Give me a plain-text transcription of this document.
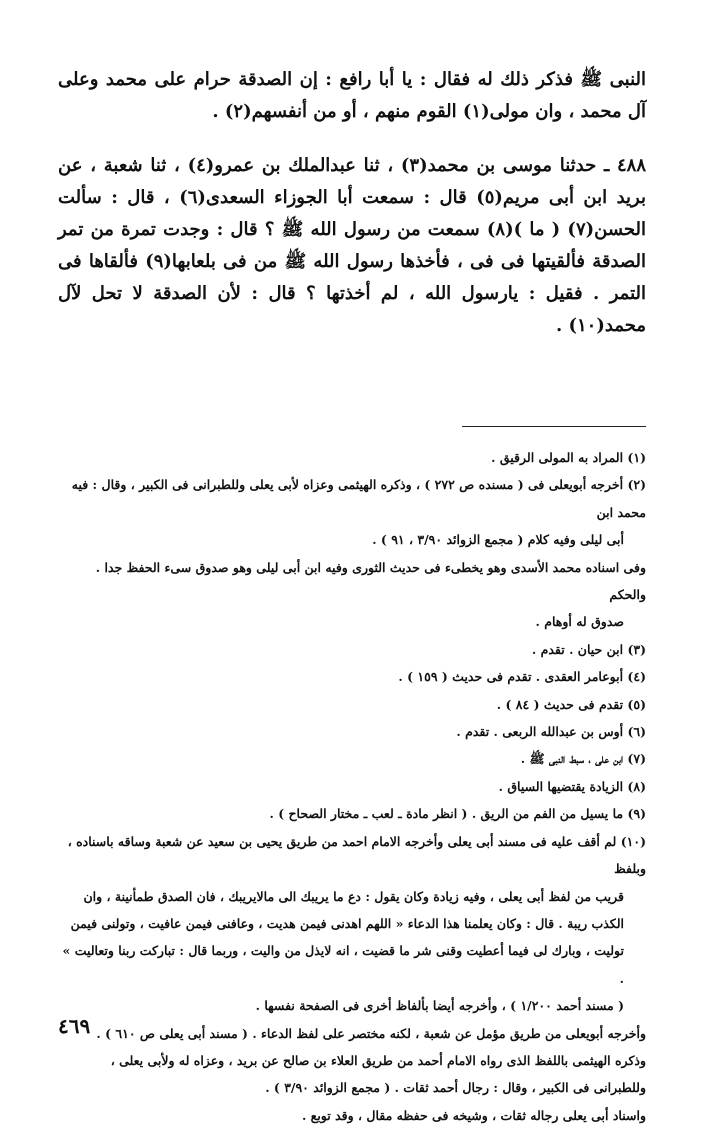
النبى ﷺ فذكر ذلك له فقال : يا أبا رافع : إن الصدقة حرام على محمد وعلى آل محمد ، وان مولى(١) القوم منهم ، أو من أنفسهم(٢) .

٤٨٨ ـ حدثنا موسى بن محمد(٣) ، ثنا عبدالملك بن عمرو(٤) ، ثنا شعبة ، عن بريد ابن أبى مريم(٥) قال : سمعت أبا الجوزاء السعدى(٦) ، قال : سألت الحسن(٧) ( ما )(٨) سمعت من رسول الله ﷺ ؟ قال : وجدت تمرة من تمر الصدقة فألقيتها فى فى ، فأخذها رسول الله ﷺ من فى بلعابها(٩) فألقاها فى التمر . فقيل : يارسول الله ، لم أخذتها ؟ قال : لأن الصدقة لا تحل لآل محمد(١٠) .

(١) المراد به المولى الرقيق .
(٢) أخرجه أبويعلى فى ( مسنده ص ٢٧٢ ) ، وذكره الهيثمى وعزاه لأبى يعلى وللطبرانى فى الكبير ، وقال : فيه محمد ابن
أبى ليلى وفيه كلام ( مجمع الزوائد ٣/٩٠ ، ٩١ ) .
وفى اسناده محمد الأسدى وهو يخطىء فى حديث الثورى وفيه ابن أبى ليلى وهو صدوق سىء الحفظ جدا . والحكم
صدوق له أوهام .
(٣) ابن حيان . تقدم .
(٤) أبوعامر العقدى . تقدم فى حديث ( ١٥٩ ) .
(٥) تقدم فى حديث ( ٨٤ ) .
(٦) أوس بن عبدالله الربعى . تقدم .
(٧) ابن على ، سبط النبى ﷺ .
(٨) الزيادة يقتضيها السياق .
(٩) ما يسيل من الفم من الريق . ( انظر مادة ـ لعب ـ مختار الصحاح ) .
(١٠) لم أقف عليه فى مسند أبى يعلى وأخرجه الامام احمد من طريق يحيى بن سعيد عن شعبة وساقه باسناده ، وبلفظ
قريب من لفظ أبى يعلى ، وفيه زيادة وكان يقول : دع ما يريبك الى مالايريبك ، فان الصدق طمأنينة ، وان
الكذب ريبة . قال : وكان يعلمنا هذا الدعاء « اللهم اهدنى فيمن هديت ، وعافنى فيمن عافيت ، وتولنى فيمن
توليت ، وبارك لى فيما أعطيت وقنى شر ما قضيت ، انه لايذل من واليت ، وربما قال : تباركت ربنا وتعاليت » .
( مسند أحمد ١/٢٠٠ ) ، وأخرجه أيضا بألفاظ أخرى فى الصفحة نفسها .
وأخرجه أبويعلى من طريق مؤمل عن شعبة ، لكنه مختصر على لفظ الدعاء . ( مسند أبى يعلى ص ٦١٠ ) .
وذكره الهيثمى باللفظ الذى رواه الامام أحمد من طريق العلاء بن صالح عن بريد ، وعزاه له ولأبى يعلى ،
وللطبرانى فى الكبير ، وقال : رجال أحمد ثقات . ( مجمع الزوائد ٣/٩٠ ) .
واسناد أبى يعلى رجاله ثقات ، وشيخه فى حفظه مقال ، وقد توبع .
٤٦٩
